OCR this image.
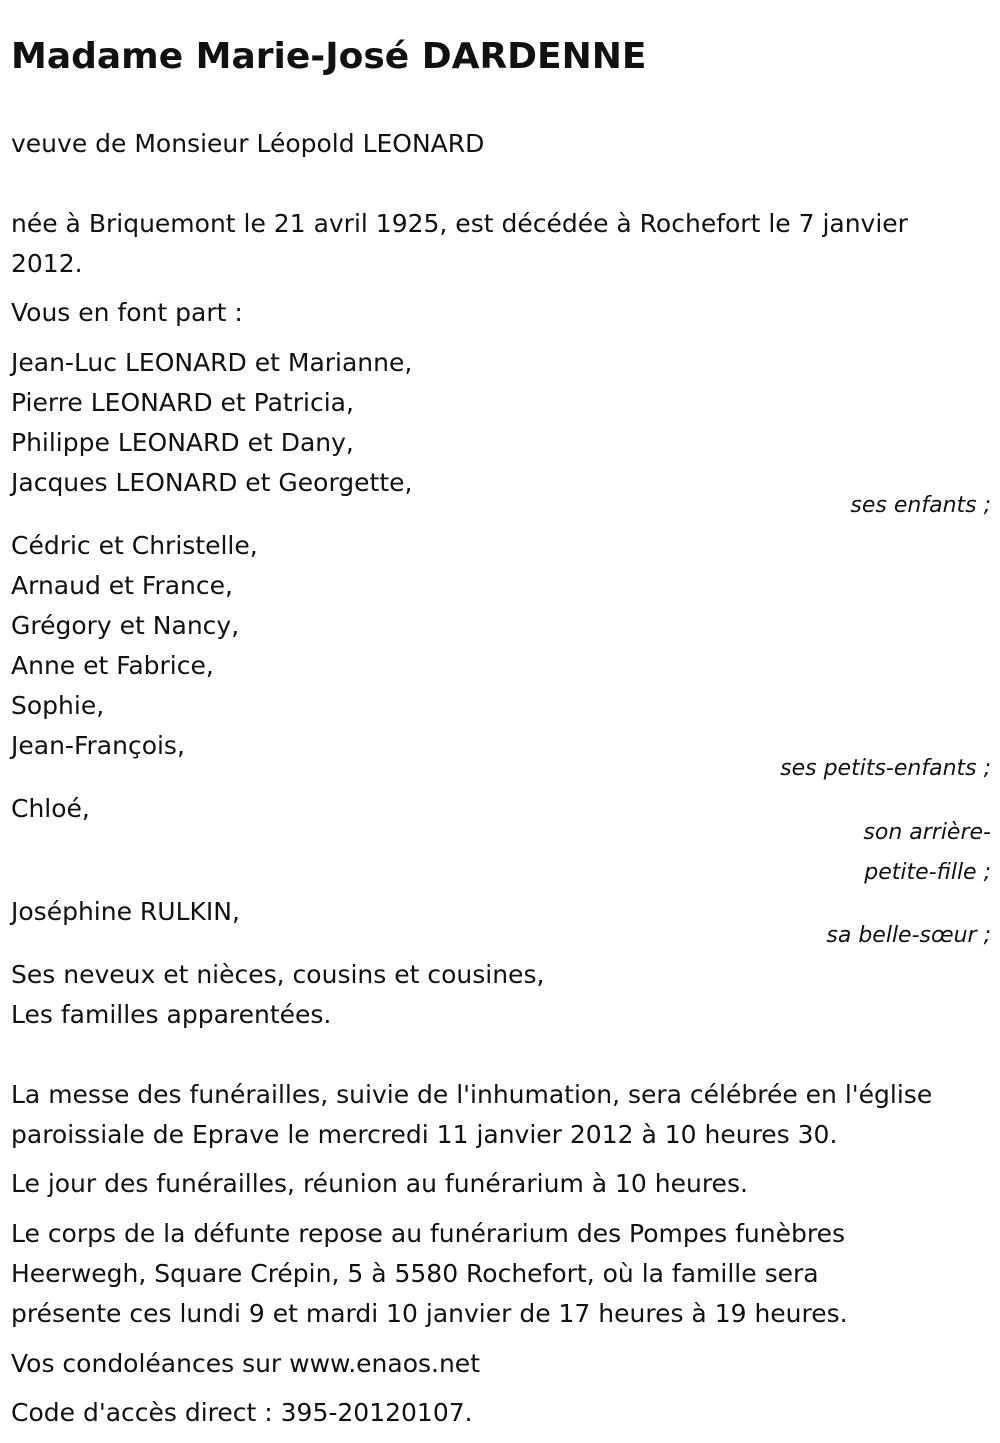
Madame Marie-José DARDENNE
veuve de Monsieur Léopold LEONARD
née à Briquemont le 21 avril 1925, est décédée à Rochefort le 7 janvier
2012.
Vous en font part :
Jean-Luc LEONARD et Marianne,
Pierre LEONARD et Patricia,
Philippe LEONARD et Dany,
Jacques LEONARD et Georgette,
ses enfants ;
Cédric et Christelle,
Arnaud et France,
Grégory et Nancy,
Anne et Fabrice,
Sophie,
Jean-François,
ses petits-enfants ;
Chloé,
son arrière-
petite-fille ;
Joséphine RULKIN,
sa belle-sœur ;
Ses neveux et nièces, cousins et cousines,
Les familles apparentées.
La messe des funérailles, suivie de l'inhumation, sera célébrée en l'église
paroissiale de Eprave le mercredi 11 janvier 2012 à 10 heures 30.
Le jour des funérailles, réunion au funérarium à 10 heures.
Le corps de la défunte repose au funérarium des Pompes funèbres
Heerwegh, Square Crépin, 5 à 5580 Rochefort, où la famille sera
présente ces lundi 9 et mardi 10 janvier de 17 heures à 19 heures.
Vos condoléances sur www.enaos.net
Code d'accès direct : 395-20120107.
